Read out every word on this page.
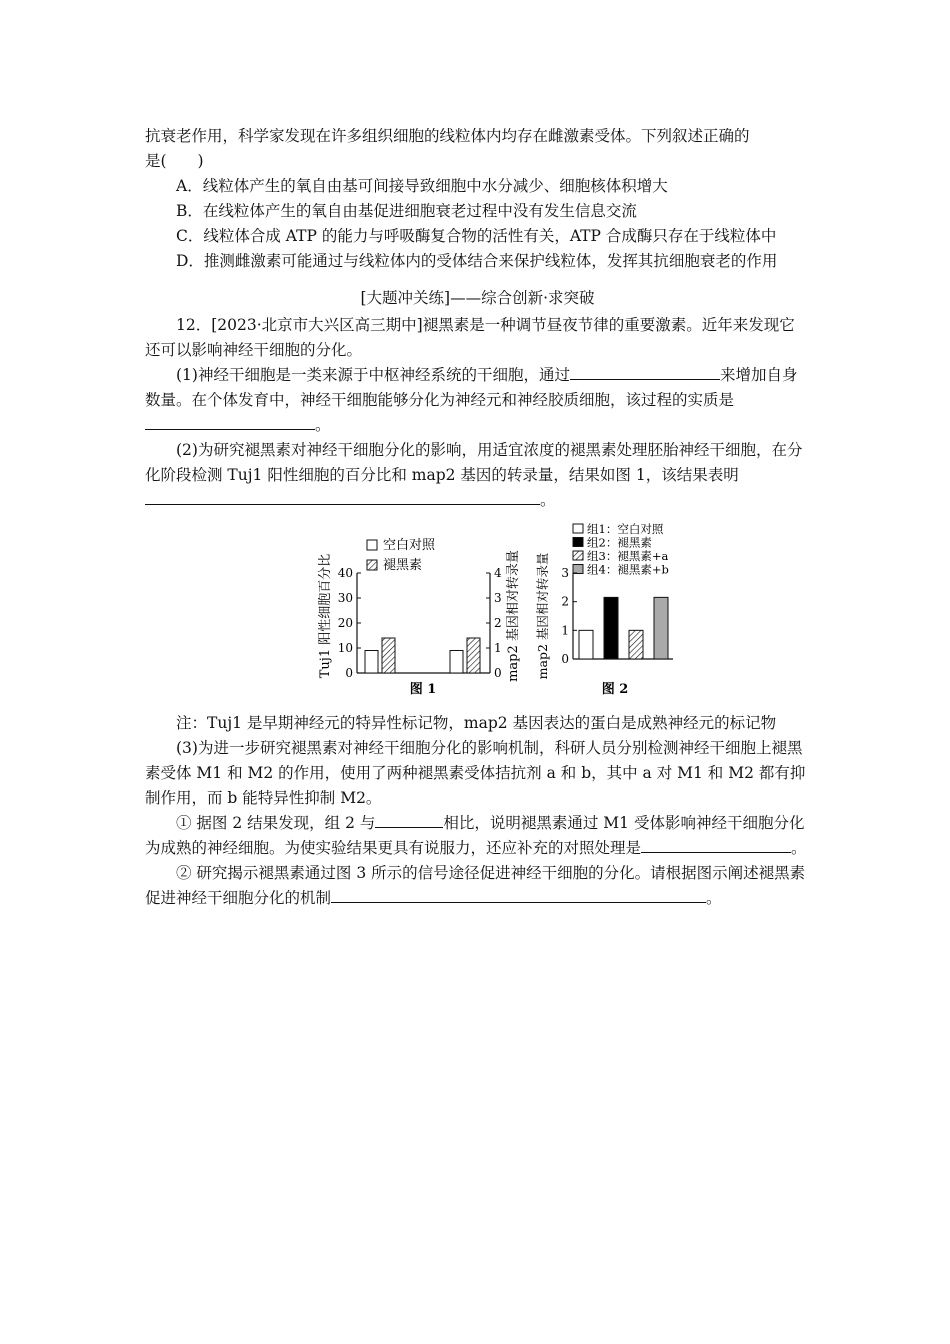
抗衰老作用，科学家发现在许多组织细胞的线粒体内均存在雌激素受体。下列叙述正确的

是(　　)

A．线粒体产生的氧自由基可间接导致细胞中水分减少、细胞核体积增大

B．在线粒体产生的氧自由基促进细胞衰老过程中没有发生信息交流

C．线粒体合成 ATP 的能力与呼吸酶复合物的活性有关，ATP 合成酶只存在于线粒体中

D．推测雌激素可能通过与线粒体内的受体结合来保护线粒体，发挥其抗细胞衰老的作用

[大题冲关练]——综合创新·求突破

12．[2023·北京市大兴区高三期中]褪黑素是一种调节昼夜节律的重要激素。近年来发现它还可以影响神经干细胞的分化。

(1)神经干细胞是一类来源于中枢神经系统的干细胞，通过	来增加自身数量。在个体发育中，神经干细胞能够分化为神经元和神经胶质细胞，该过程的实质是。

(2)为研究褪黑素对神经干细胞分化的影响，用适宜浓度的褪黑素处理胚胎神经干细胞，在分化阶段检测 Tuj1 阳性细胞的百分比和 map2 基因的转录量，结果如图 1，该结果表明。

空白对照
褪黑素
Tuj1 阳性细胞百分比	map2 基因相对转录量
0
10
20
30
40
0
1
2
3
4
图 1
组1：空白对照
组2：褪黑素
组3：褪黑素+a
组4：褪黑素+b
map2 基因相对转录量 0
1
2
3
图 2

注：Tuj1 是早期神经元的特异性标记物，map2 基因表达的蛋白是成熟神经元的标记物

(3)为进一步研究褪黑素对神经干细胞分化的影响机制，科研人员分别检测神经干细胞上褪黑素受体 M1 和 M2 的作用，使用了两种褪黑素受体拮抗剂 a 和 b，其中 a 对 M1 和 M2 都有抑制作用，而 b 能特异性抑制 M2。

① 据图 2 结果发现，组 2 与	相比，说明褪黑素通过 M1 受体影响神经干细胞分化为成熟的神经细胞。为使实验结果更具有说服力，还应补充的对照处理是	。

② 研究揭示褪黑素通过图 3 所示的信号途径促进神经干细胞的分化。请根据图示阐述褪黑素促进神经干细胞分化的机制	。
